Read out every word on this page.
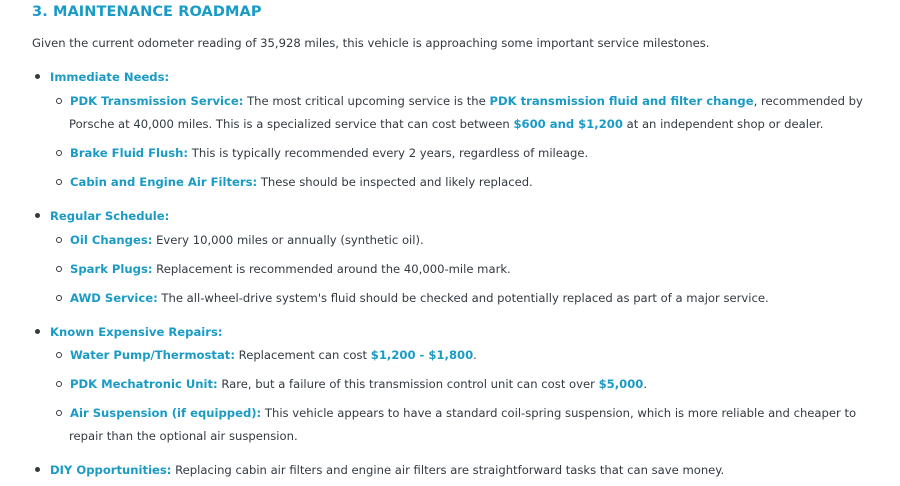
3. MAINTENANCE ROADMAP
Given the current odometer reading of 35,928 miles, this vehicle is approaching some important service milestones.
Immediate Needs:
PDK Transmission Service: The most critical upcoming service is the PDK transmission fluid and filter change, recommended by
Porsche at 40,000 miles. This is a specialized service that can cost between $600 and $1,200 at an independent shop or dealer.
Brake Fluid Flush: This is typically recommended every 2 years, regardless of mileage.
Cabin and Engine Air Filters: These should be inspected and likely replaced.
Regular Schedule:
Oil Changes: Every 10,000 miles or annually (synthetic oil).
Spark Plugs: Replacement is recommended around the 40,000-mile mark.
AWD Service: The all-wheel-drive system's fluid should be checked and potentially replaced as part of a major service.
Known Expensive Repairs:
Water Pump/Thermostat: Replacement can cost $1,200 - $1,800.
PDK Mechatronic Unit: Rare, but a failure of this transmission control unit can cost over $5,000.
Air Suspension (if equipped): This vehicle appears to have a standard coil-spring suspension, which is more reliable and cheaper to
repair than the optional air suspension.
DIY Opportunities: Replacing cabin air filters and engine air filters are straightforward tasks that can save money.
